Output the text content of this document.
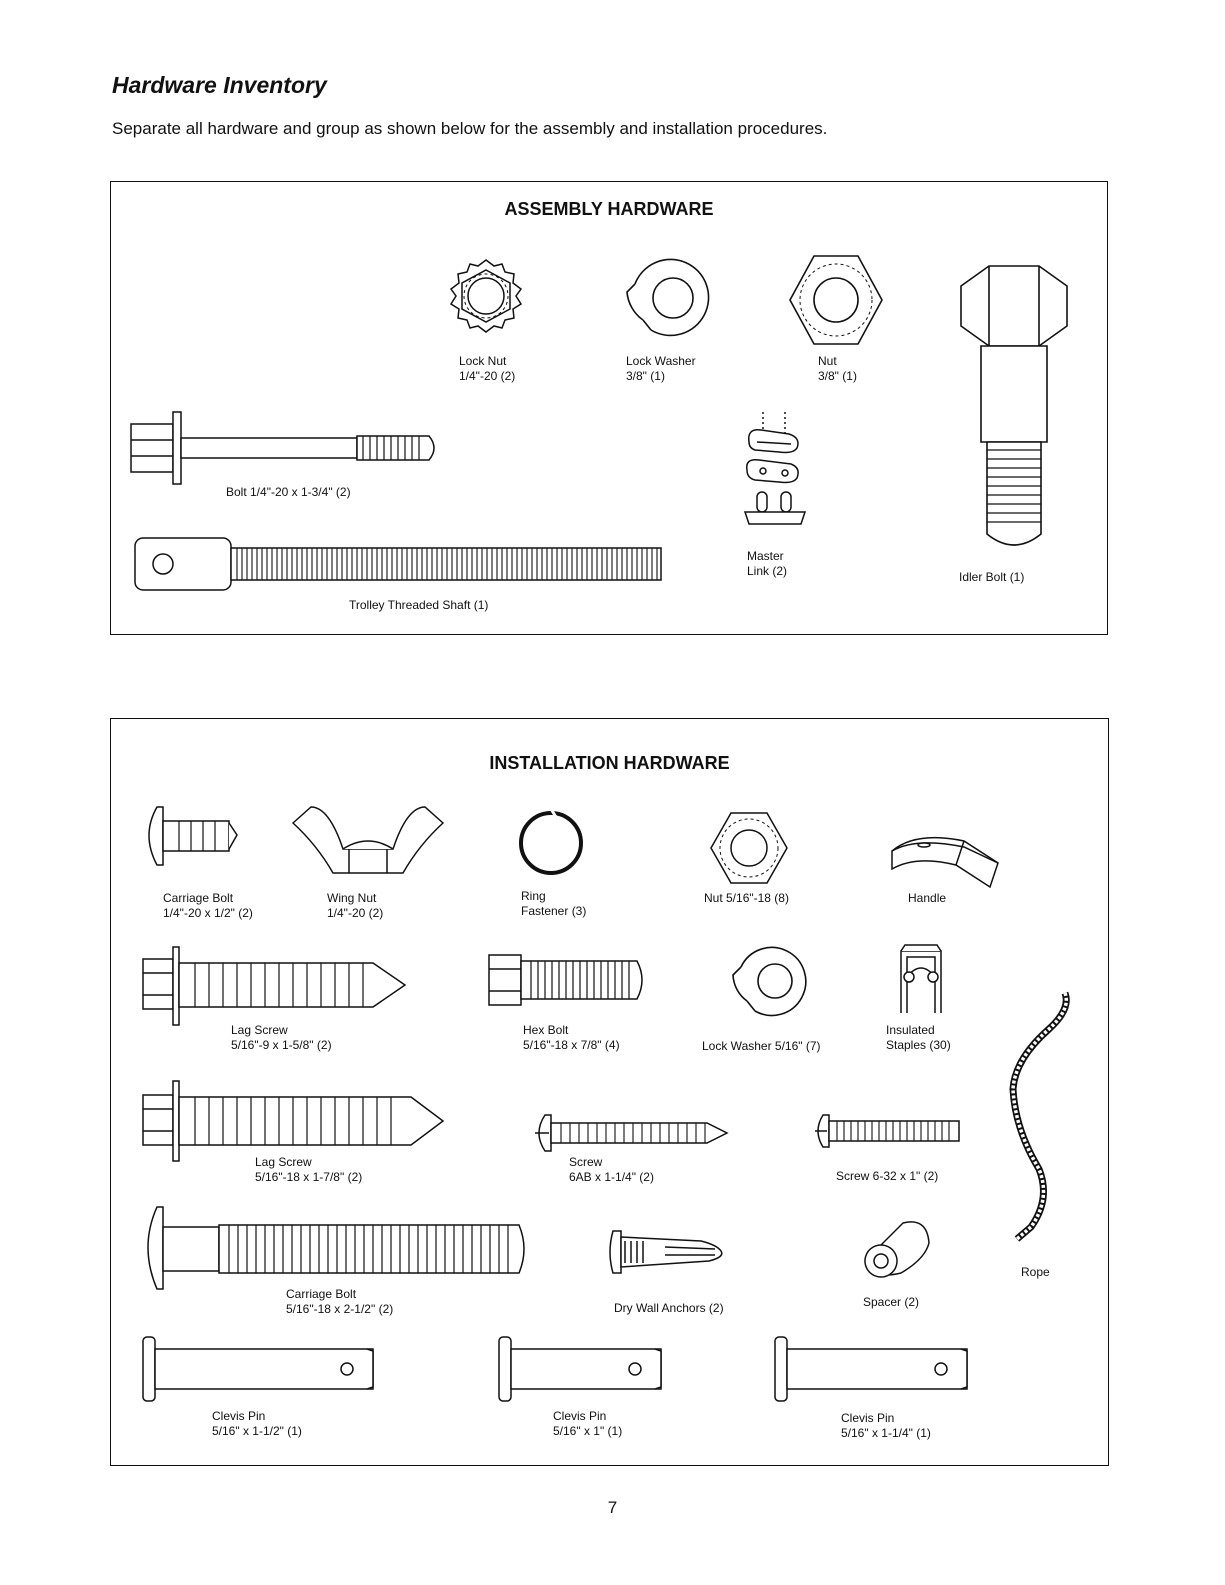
Hardware Inventory
Separate all hardware and group as shown below for the assembly and installation procedures.
ASSEMBLY HARDWARE
Lock Nut
1/4"-20 (2)
Lock Washer
3/8" (1)
Nut
3/8" (1)
Bolt 1/4"-20 x 1-3/4" (2)
Master
Link (2)	Idler Bolt (1)
Trolley Threaded Shaft (1)
INSTALLATION HARDWARE
Carriage Bolt
1/4"-20 x 1/2" (2)
Wing Nut
1/4"-20 (2)
Ring
Fastener (3)
Nut 5/16"-18 (8)	Handle
Lag Screw
5/16"-9 x 1-5/8" (2)
Hex Bolt
5/16"-18 x 7/8" (4)	Lock Washer 5/16" (7)
Insulated
Staples (30)
Lag Screw
5/16"-18 x 1-7/8" (2)
Screw
6AB x 1-1/4" (2)	Screw 6-32 x 1" (2)
Rope
Carriage Bolt
5/16"-18 x 2-1/2" (2)	Dry Wall Anchors (2)	Spacer (2)
Clevis Pin
5/16" x 1-1/2" (1)
Clevis Pin
5/16" x 1" (1)
Clevis Pin
5/16" x 1-1/4" (1)
7
